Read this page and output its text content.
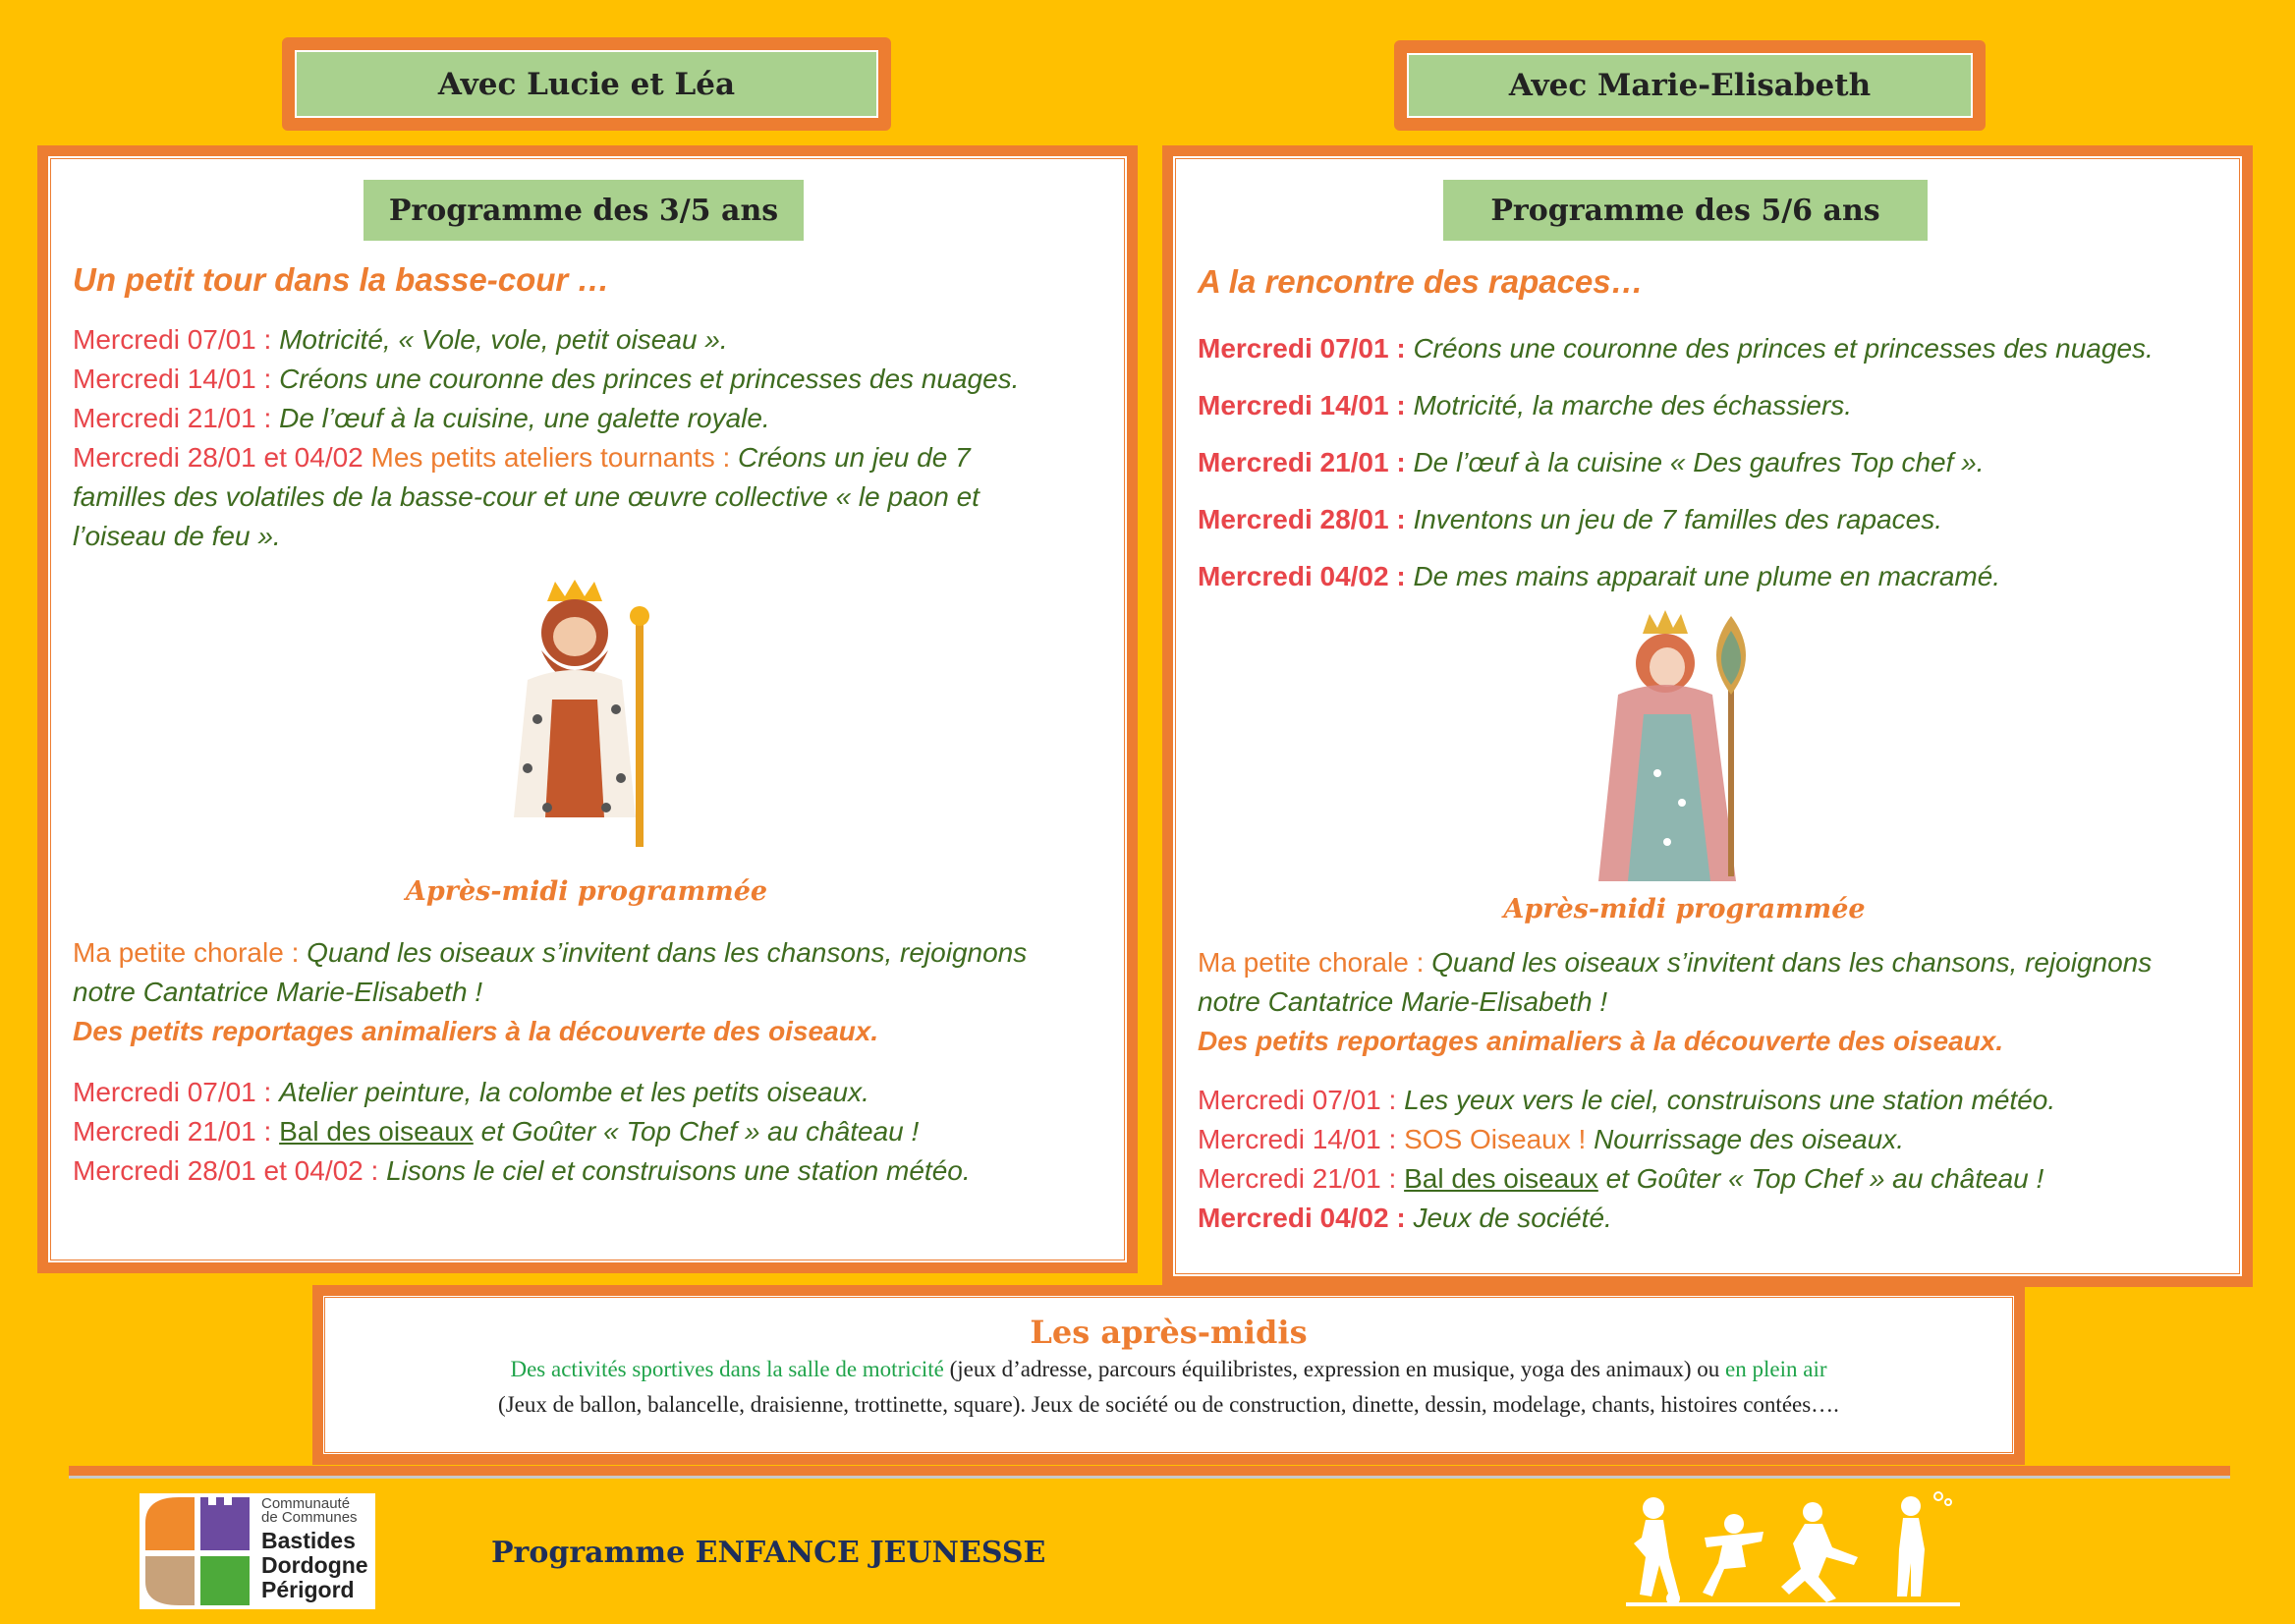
Avec Lucie et Léa	Avec Marie-Elisabeth
Programme des 3/5 ans
Un petit tour dans la basse-cour …
Mercredi 07/01 : Motricité, « Vole, vole, petit oiseau ».
Mercredi 14/01 : Créons une couronne des princes et princesses des nuages.
Mercredi 21/01 : De l’œuf à la cuisine, une galette royale.
Mercredi 28/01 et 04/02 Mes petits ateliers tournants : Créons un jeu de 7
familles des volatiles de la basse-cour et une œuvre collective « le paon et
l’oiseau de feu ».
Après-midi programmée
Ma petite chorale : Quand les oiseaux s’invitent dans les chansons, rejoignons
notre Cantatrice Marie-Elisabeth !
Des petits reportages animaliers à la découverte des oiseaux.
Mercredi 07/01 : Atelier peinture, la colombe et les petits oiseaux.
Mercredi 21/01 : Bal des oiseaux et Goûter « Top Chef » au château !
Mercredi 28/01 et 04/02 : Lisons le ciel et construisons une station météo.
Programme des 5/6 ans
A la rencontre des rapaces…
Mercredi 07/01 : Créons une couronne des princes et princesses des nuages.
Mercredi 14/01 : Motricité, la marche des échassiers.
Mercredi 21/01 : De l’œuf à la cuisine « Des gaufres Top chef ».
Mercredi 28/01 : Inventons un jeu de 7 familles des rapaces.
Mercredi 04/02 : De mes mains apparait une plume en macramé.
Après-midi programmée
Ma petite chorale : Quand les oiseaux s’invitent dans les chansons, rejoignons
notre Cantatrice Marie-Elisabeth !
Des petits reportages animaliers à la découverte des oiseaux.
Mercredi 07/01 : Les yeux vers le ciel, construisons une station météo.
Mercredi 14/01 : SOS Oiseaux ! Nourrissage des oiseaux.
Mercredi 21/01 : Bal des oiseaux et Goûter « Top Chef » au château !
Mercredi 04/02 : Jeux de société.
Les après-midis
Des activités sportives dans la salle de motricité (jeux d’adresse, parcours équilibristes, expression en musique, yoga des animaux) ou en plein air
(Jeux de ballon, balancelle, draisienne, trottinette, square). Jeux de société ou de construction, dinette, dessin, modelage, chants, histoires contées….
Communauté
de Communes
Bastides
Dordogne
Périgord
Programme ENFANCE JEUNESSE
